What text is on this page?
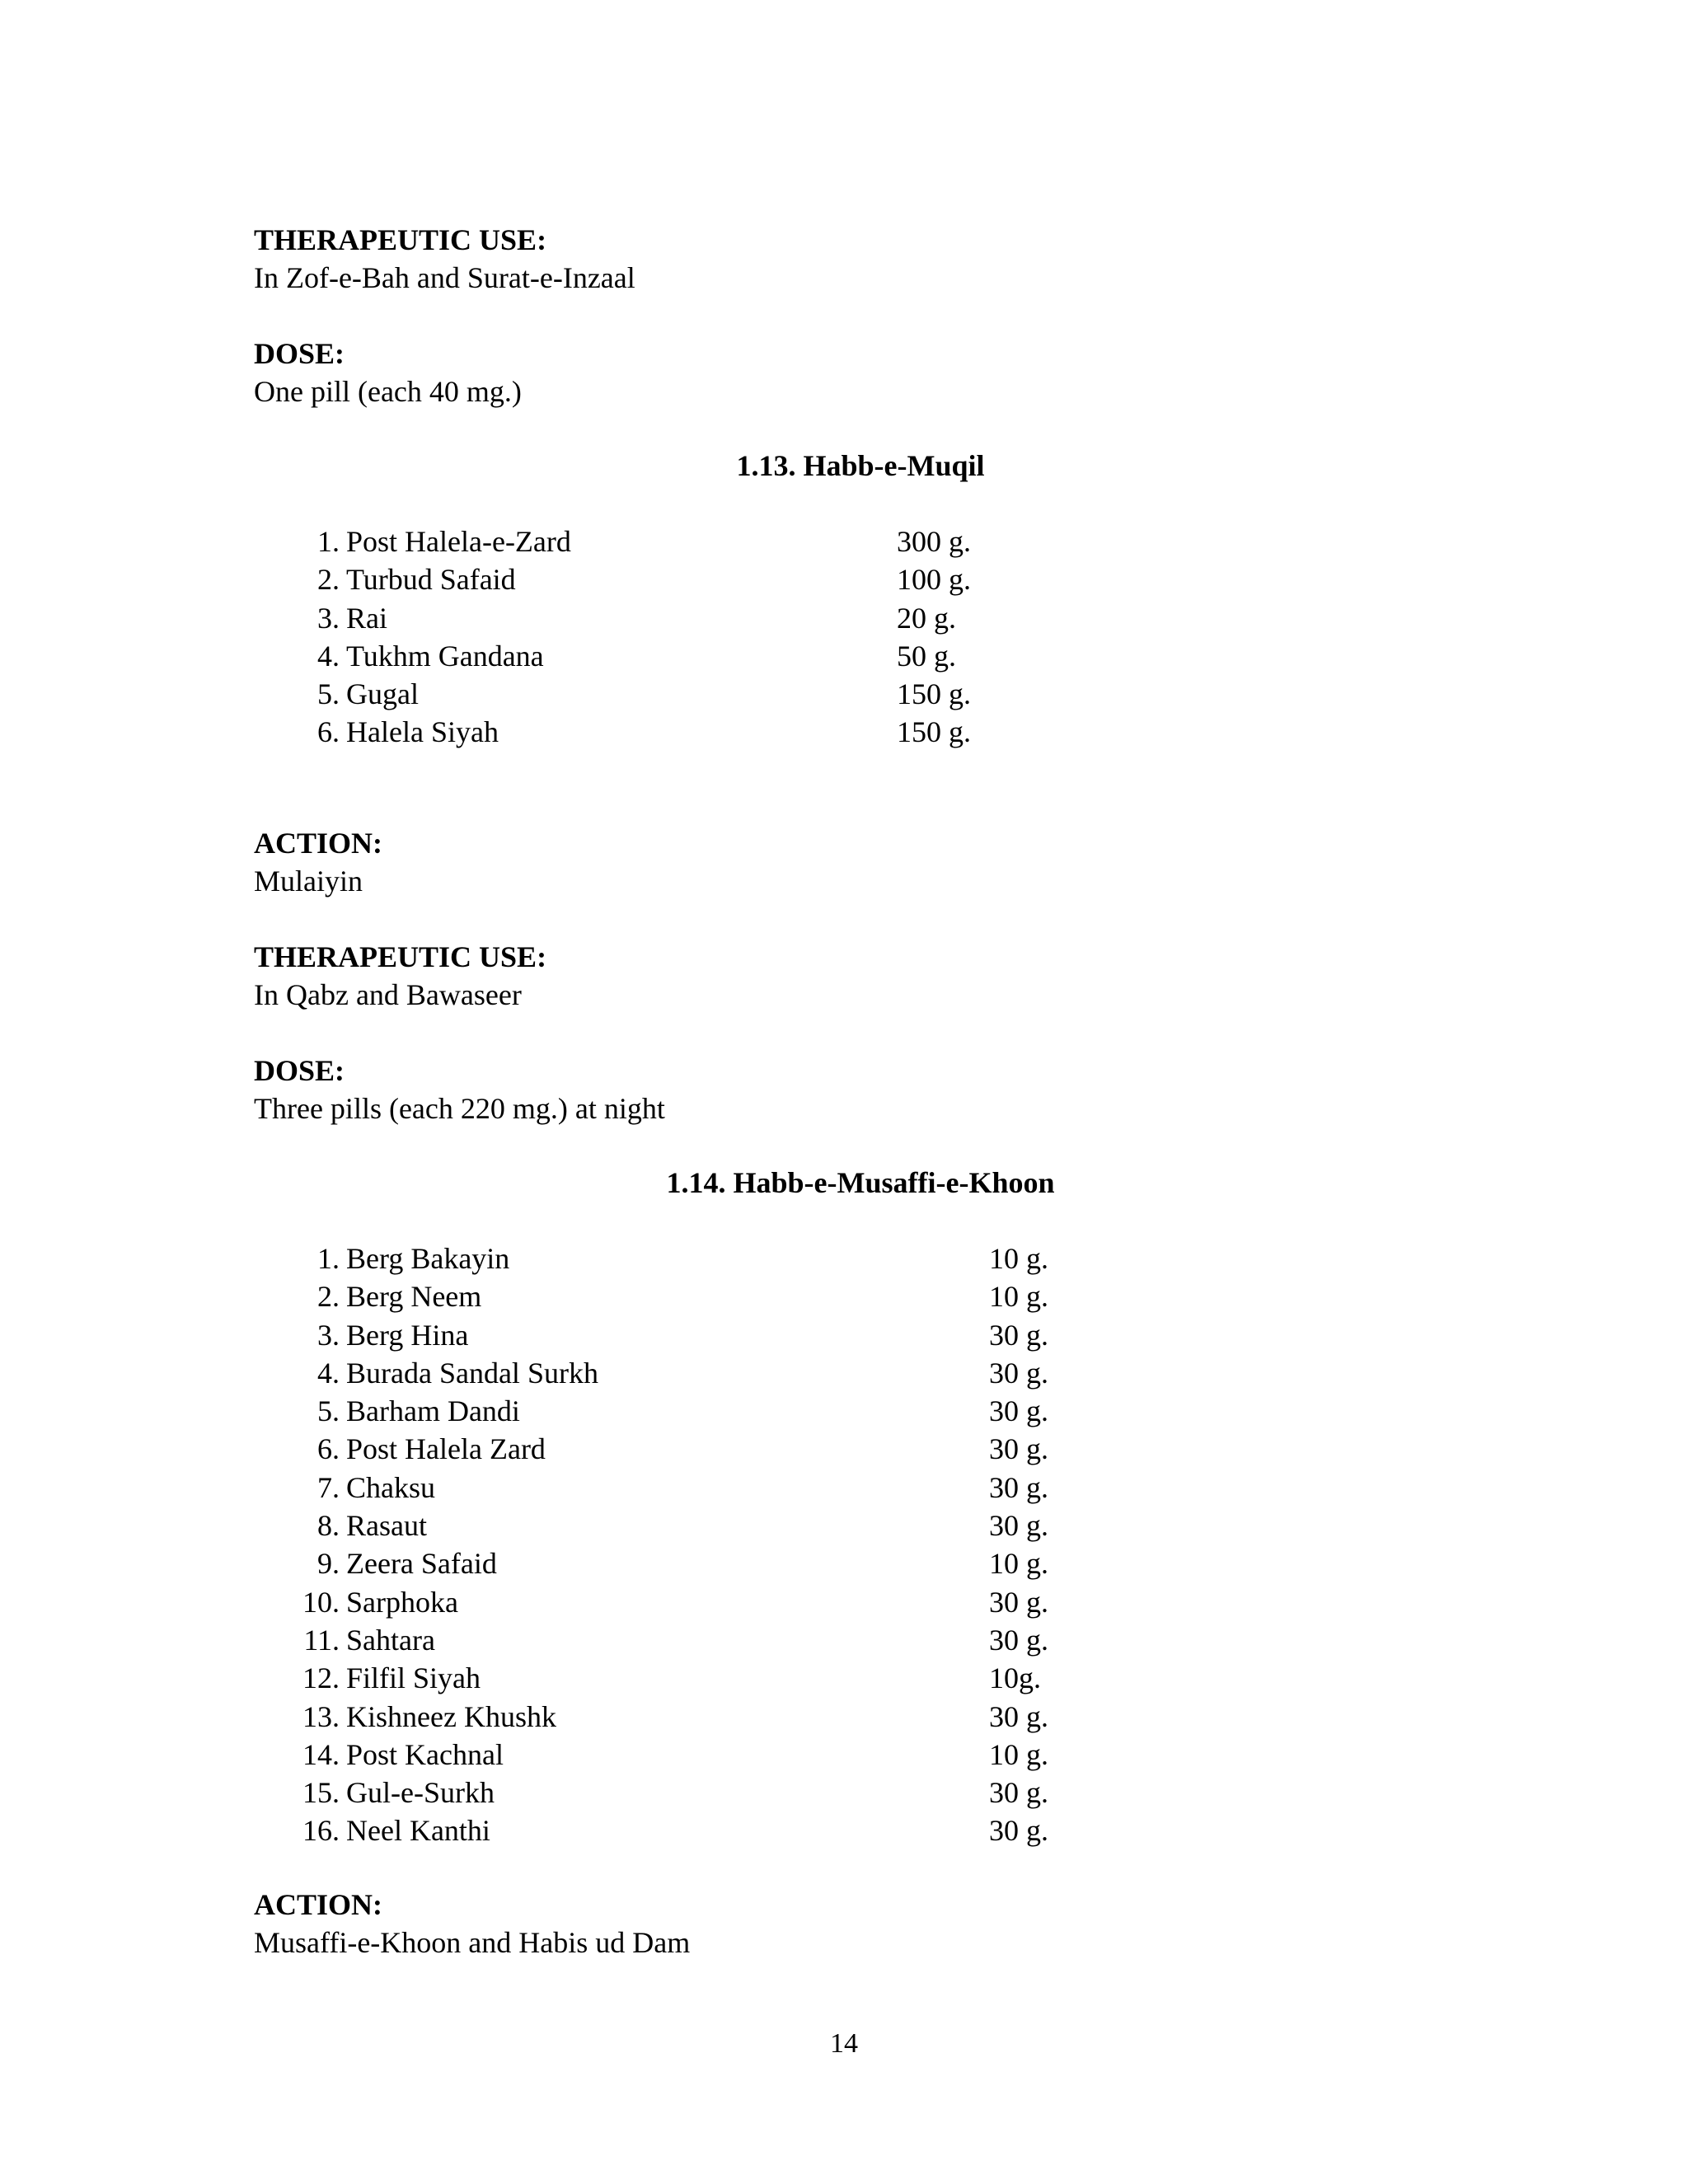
THERAPEUTIC USE:
In Zof-e-Bah and Surat-e-Inzaal
DOSE:
One pill (each 40 mg.)
1.13. Habb-e-Muqil
1. Post Halela-e-Zard	300 g.
2. Turbud Safaid	100 g.
3. Rai	20 g.
4. Tukhm Gandana	50 g.
5. Gugal	150 g.
6. Halela Siyah	150 g.
ACTION:
Mulaiyin
THERAPEUTIC USE:
In Qabz and Bawaseer
DOSE:
Three pills (each 220 mg.) at night
1.14. Habb-e-Musaffi-e-Khoon
1. Berg Bakayin	10 g.
2. Berg Neem	10 g.
3. Berg Hina	30 g.
4. Burada Sandal Surkh	30 g.
5. Barham Dandi	30 g.
6. Post Halela Zard	30 g.
7. Chaksu	30 g.
8. Rasaut	30 g.
9. Zeera Safaid	10 g.
10. Sarphoka	30 g.
11. Sahtara	30 g.
12. Filfil Siyah	10g.
13. Kishneez Khushk	30 g.
14. Post Kachnal	10 g.
15. Gul-e-Surkh	30 g.
16. Neel Kanthi	30 g.
ACTION:
Musaffi-e-Khoon and Habis ud Dam
14
